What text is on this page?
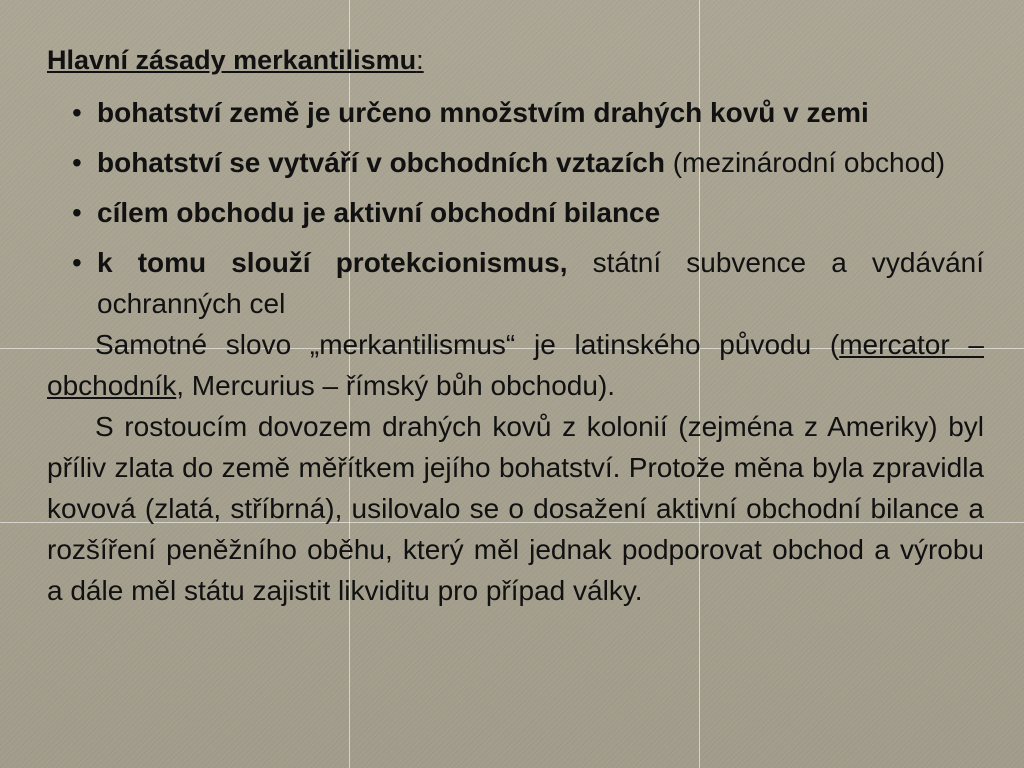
Hlavní zásady merkantilismu:
• bohatství země je určeno množstvím drahých kovů v zemi
• bohatství se vytváří v obchodních vztazích (mezinárodní obchod)
• cílem obchodu je aktivní obchodní bilance
• k tomu slouží protekcionismus, státní subvence a vydávání ochranných cel

Samotné slovo „merkantilismus“ je latinského původu (mercator – obchodník, Mercurius – římský bůh obchodu).

S rostoucím dovozem drahých kovů z kolonií (zejména z Ameriky) byl příliv zlata do země měřítkem jejího bohatství. Protože měna byla zpravidla kovová (zlatá, stříbrná), usilovalo se o dosažení aktivní obchodní bilance a rozšíření peněžního oběhu, který měl jednak podporovat obchod a výrobu a dále měl státu zajistit likviditu pro případ války.
